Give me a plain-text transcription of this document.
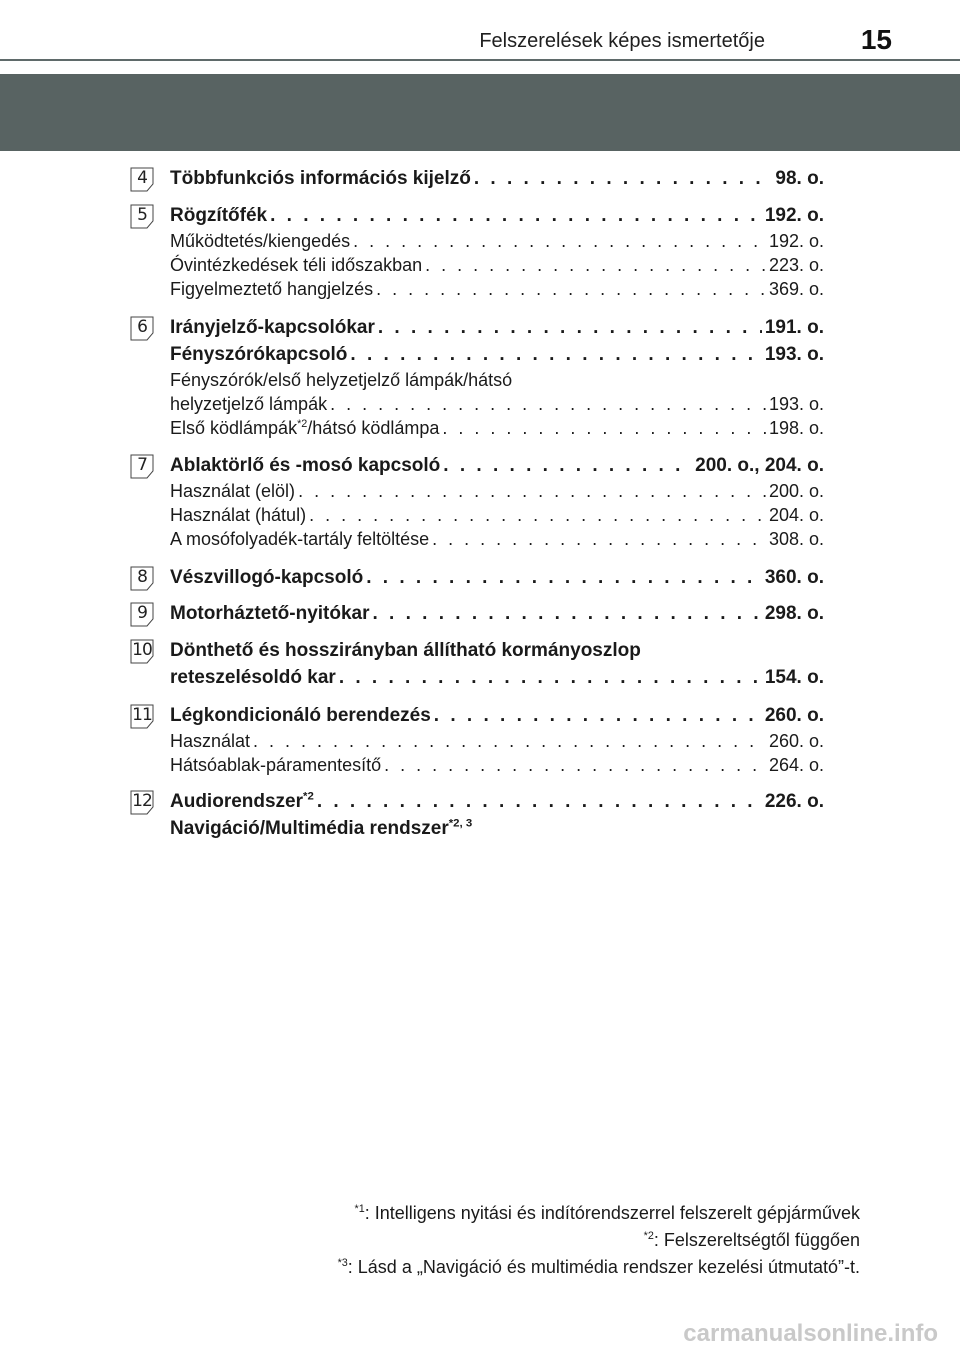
Felszerelések képes ismertetője	15
4	Többfunkciós információs kijelző . . .	98. o.
5	Rögzítőfék . . .	192. o.
Működtetés/kiengedés . . .	192. o.
Óvintézkedések téli időszakban . . .	223. o.
Figyelmeztető hangjelzés . . .	369. o.
6	Irányjelző-kapcsolókar . . .	191. o.
Fényszórókapcsoló . . .	193. o.
Fényszórók/első helyzetjelző lámpák/hátsó
helyzetjelző lámpák . . .	193. o.
Első ködlámpák$^{*2}$/hátsó ködlámpa . . .	198. o.
7	Ablaktörlő és -mosó kapcsoló . . .	200. o., 204. o.
Használat (elöl) . . .	200. o.
Használat (hátul) . . .	204. o.
A mosófolyadék-tartály feltöltése . . .	308. o.
8	Vészvillogó-kapcsoló . . .	360. o.
9	Motorháztető-nyitókar . . .	298. o.
10 Dönthető és hosszirányban állítható kormányoszlop
reteszelésoldó kar . . .	154. o.
11 Légkondicionáló berendezés . . .	260. o.
Használat . . .	260. o.
Hátsóablak-páramentesítő . . .	264. o.
12 Audiorendszer$^{*2}$ . . .	226. o.
Navigáció/Multimédia rendszer$^{*2, 3}$
$^{*1}$: Intelligens nyitási és indítórendszerrel felszerelt gépjárművek
$^{*2}$: Felszereltségtől függően
$^{*3}$: Lásd a „Navigáció és multimédia rendszer kezelési útmutató”-t.
carmanualsonline.info
